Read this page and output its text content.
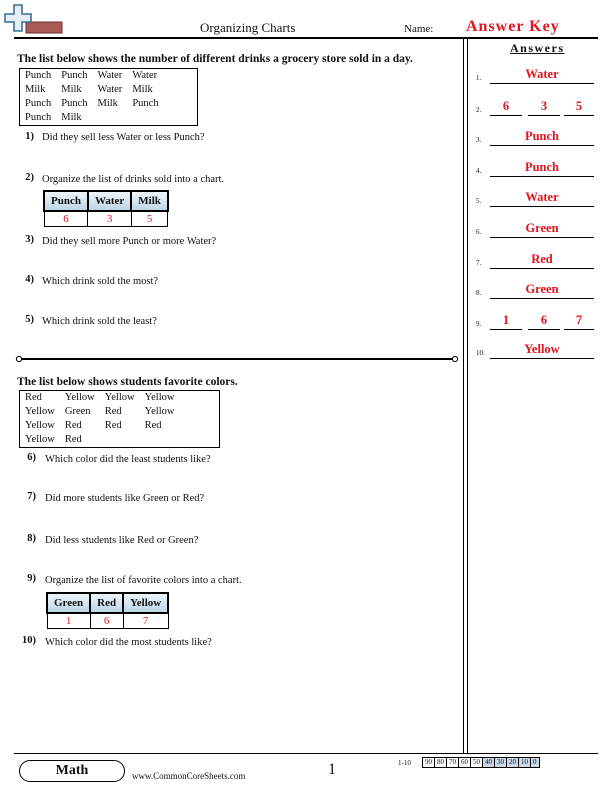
Organizing Charts	Name: Answer Key
The list below shows the number of different drinks a grocery store sold in a day.
Punch	Punch	Water	Water
Milk	Milk	Water	Milk
Punch	Punch	Milk	Punch
Punch	Milk		
1) Did they sell less Water or less Punch?
2) Organize the list of drinks sold into a chart.
Punch	Water	Milk
6	3	5
3) Did they sell more Punch or more Water?
4) Which drink sold the most?
5) Which drink sold the least?
The list below shows students favorite colors.
Red	Yellow	Yellow	Yellow
Yellow	Green	Red	Yellow
Yellow	Red	Red	Red
Yellow	Red		
6) Which color did the least students like?
7) Did more students like Green or Red?
8) Did less students like Red or Green?
9) Organize the list of favorite colors into a chart.
Green	Red	Yellow
1	6	7
10) Which color did the most students like?
Answers
1.	Water
2.	6	3	5
3.	Punch
4.	Punch
5.	Water
6.	Green
7.	Red
8.	Green
9.	1	6	7
10.	Yellow
Math	www.CommonCoreSheets.com	1	1-10 90	80	70	60	50	40	30	20	10	0
